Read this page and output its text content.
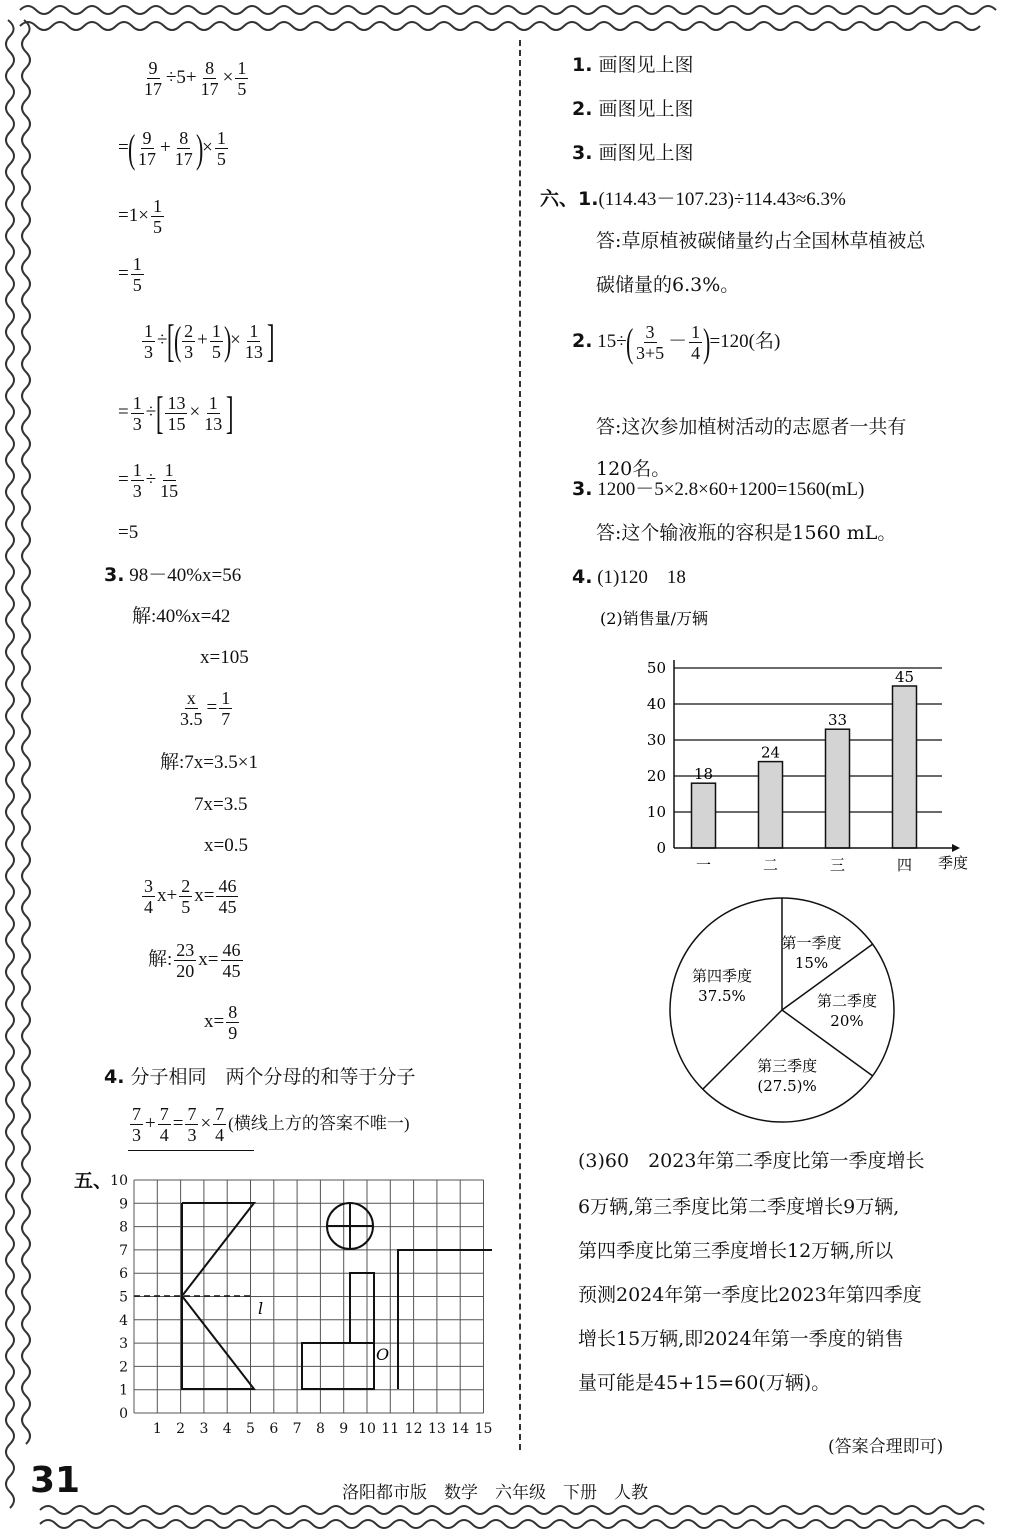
$\frac{9}{17} \div 5+ \frac{8}{17} \times \frac{1}{5}$
=( $\frac{9}{17} + \frac{8}{17}$ )× $\frac{1}{5}$
$=1\times \frac{1}{5}$
= $\frac{1}{5}$
$\frac{1}{3}$ ÷[( $\frac{2}{3} + \frac{1}{5}$ )× $\frac{1}{13}$ ]
= $\frac{1}{3}$ ÷[ $\frac{13}{15} \times \frac{1}{13}$ ]
= $\frac{1}{3} \div \frac{1}{15}$
=5
3. 98－40%x=56
解:40%x=42
x=105
$\frac{x}{3.5} = \frac{1}{7}$
解:7x=3.5×1
7x=3.5
x=0.5
$\frac{3}{4} x+ \frac{2}{5} x= \frac{46}{45}$
解: $\frac{23}{20} x= \frac{46}{45}$
$x= \frac{8}{9}$
4. 分子相同　两个分母的和等于分子
$\frac{7}{3} + \frac{7}{4} = \frac{7}{3} \times \frac{7}{4}$ (横线上方的答案不唯一)
五、
1 2 3 4 5 6 7 8 9 10 11 12 13 14 15
0
1
2
3
4
5
6
7
8
9
10
l
O
1. 画图见上图
2. 画图见上图
3. 画图见上图
六、1.(114.43－107.23)÷114.43≈6.3%
答:草原植被碳储量约占全国林草植被总
碳储量的6.3%。
2. $15\div( \frac{3}{3+5} - \frac{1}{4} )=120$(名)
答:这次参加植树活动的志愿者一共有
120名。
3. 1200－5×2.8×60+1200=1560(mL)
答:这个输液瓶的容积是1560 mL。
4. (1)120　18
(2)销售量/万辆
0
10
20
30
40
50
18
24
33
45
一	二	三	四 季度
第一季度
15%
第二季度
20%
第三季度
(27.5)%
第四季度
37.5%
(3)60　2023年第二季度比第一季度增长
6万辆,第三季度比第二季度增长9万辆,
第四季度比第三季度增长12万辆,所以
预测2024年第一季度比2023年第四季度
增长15万辆,即2024年第一季度的销售
量可能是45+15=60(万辆)。
(答案合理即可)
31	洛阳都市版　数学　六年级　下册　人教
